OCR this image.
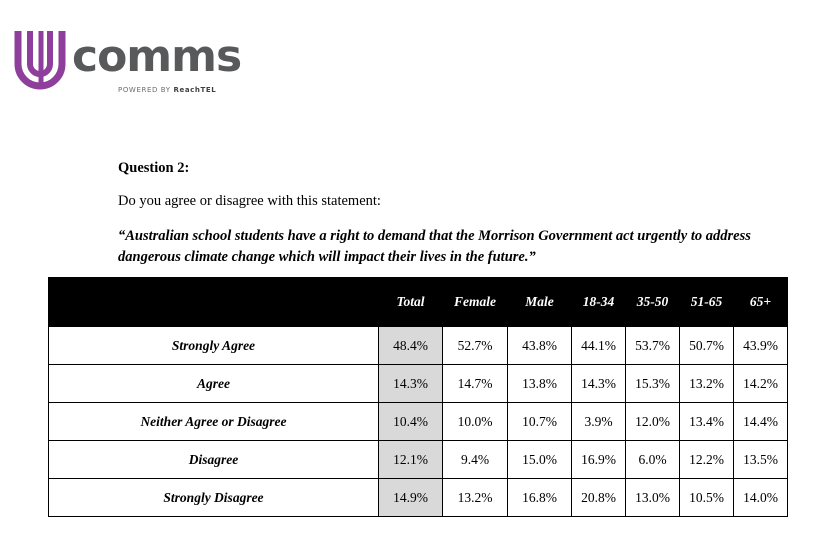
comms
POWERED BY ReachTEL

Question 2:

Do you agree or disagree with this statement:

“Australian school students have a right to demand that the Morrison Government act urgently to address dangerous climate change which will impact their lives in the future.”

	Total	Female	Male	18-34	35-50	51-65	65+
Strongly Agree	48.4%	52.7%	43.8%	44.1%	53.7%	50.7%	43.9%
Agree	14.3%	14.7%	13.8%	14.3%	15.3%	13.2%	14.2%
Neither Agree or Disagree	10.4%	10.0%	10.7%	3.9%	12.0%	13.4%	14.4%
Disagree	12.1%	9.4%	15.0%	16.9%	6.0%	12.2%	13.5%
Strongly Disagree	14.9%	13.2%	16.8%	20.8%	13.0%	10.5%	14.0%
